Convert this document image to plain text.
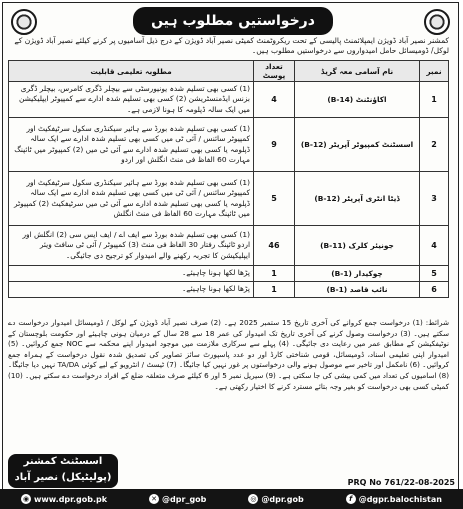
درخواستیں مطلوب ہیں
کمشنر نصیر آباد ڈویژن ایمپلائمنٹ پالیسی کے تحت ریکروٹمنٹ کمیٹی نصیر آباد ڈویژن کے درج ذیل آسامیوں پر کرنے کیلئے نصیر آباد ڈویژن کے لوکل/ ڈومیسائل حامل امیدواروں سے درخواستیں مطلوب ہیں۔
نمبر	نام آسامی معہ گریڈ	تعداد پوسٹ	مطلوبہ تعلیمی قابلیت
1	اکاؤنٹنٹ (B-14)	4	(1) کسی بھی تسلیم شدہ یونیورسٹی سے بیچلر ڈگری کامرس، بیچلر ڈگری بزنس ایڈمنسٹریشن (2) کسی بھی تسلیم شدہ ادارے سے کمپیوٹر ایپلیکیشن میں ایک سالہ ڈپلومہ کا ہونا لازمی ہے۔
2	اسسٹنٹ کمپیوٹر آپریٹر (B-12)	9	(1) کسی بھی تسلیم شدہ بورڈ سے ہائیر سیکنڈری سکول سرٹیفکیٹ اور کمپیوٹر سائنس / آئی ٹی میں کسی بھی تسلیم شدہ ادارے سے ایک سالہ ڈپلومہ یا کسی بھی تسلیم شدہ ادارے سے آئی ٹی میں (2) کمپیوٹر میں ٹائپنگ مہارت 60 الفاظ فی منٹ انگلش اور اردو
3	ڈیٹا انٹری آپریٹر (B-12)	5	(1) کسی بھی تسلیم شدہ بورڈ سے ہائیر سیکنڈری سکول سرٹیفکیٹ اور کمپیوٹر سائنس / آئی ٹی میں کسی بھی تسلیم شدہ ادارے سے ایک سالہ ڈپلومہ یا کسی بھی تسلیم شدہ ادارے سے آئی ٹی میں سرٹیفکیٹ (2) کمپیوٹر میں ٹائپنگ مہارت 60 الفاظ فی منٹ انگلش
4	جونیئر کلرک (B-11)	46	(1) کسی بھی تسلیم شدہ بورڈ سے ایف اے / ایف ایس سی (2) انگلش اور اردو ٹائپنگ رفتار 30 الفاظ فی منٹ (3) کمپیوٹر / آئی ٹی سافٹ ویئر ایپلیکیشن کا تجربہ رکھنے والے امیدوار کو ترجیح دی جائیگی۔
5	چوکیدار (B-1)	1	پڑھا لکھا ہونا چاہیئے۔
6	نائب قاصد (B-1)	1	پڑھا لکھا ہونا چاہیئے۔
شرائط: (1) درخواست جمع کروانے کی آخری تاریخ 15 ستمبر 2025 ہے۔ (2) صرف نصیر آباد ڈویژن کے لوکل / ڈومیسائل امیدوار درخواست دے سکتے ہیں۔ (3) درخواست وصول کرنے کی آخری تاریخ تک امیدوار کی عمر 18 سے 28 سال کے درمیان ہونی چاہیئے اور حکومت بلوچستان کے نوٹیفکیشن کے مطابق عمر میں رعایت دی جائیگی۔ (4) پہلے سے سرکاری ملازمت میں موجود امیدوار اپنے محکمہ سے NOC جمع کروائیں۔ (5) امیدوار اپنی تعلیمی اسناد، ڈومیسائل، قومی شناختی کارڈ اور دو عدد پاسپورٹ سائز تصاویر کی تصدیق شدہ نقول درخواست کے ہمراہ جمع کروائیں۔ (6) نامکمل اور تاخیر سے موصول ہونے والی درخواستوں پر غور نہیں کیا جائیگا۔ (7) ٹیسٹ / انٹرویو کے لیے کوئی TA/DA نہیں دیا جائیگا۔ (8) اسامیوں کی تعداد میں کمی بیشی کی جا سکتی ہے۔ (9) سیریل نمبر 5 اور 6 کیلئے صرف متعلقہ ضلع کے افراد درخواست دے سکتے ہیں۔ (10) کمیٹی کسی بھی درخواست کو بغیر وجہ بتائے مسترد کرنے کا اختیار رکھتی ہے۔
اسسٹنٹ کمشنر
(پولیٹیکل) نصیر آباد	PRQ No 761/22-08-2025
◉ www.dpr.gob.pk	✕ @dpr_gob	◎ @dpr.gob	f @dgpr.balochistan
